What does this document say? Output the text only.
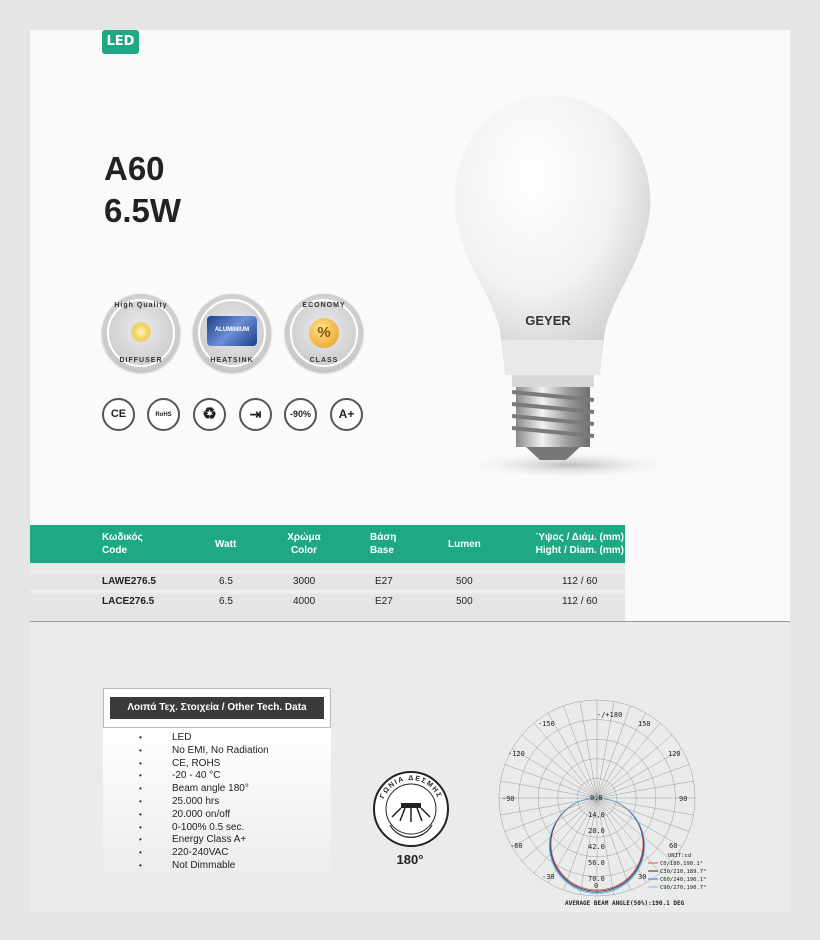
LED
A60
6.5W
High Quality
DIFFUSER
ALUMINIUM
HEATSINK
ECONOMY
%
CLASS
CE	RoHS	♻	⇥	-90%	A+
GEYER
Κωδικός
Code
Watt
Χρώμα
Color
Βάση
Base
Lumen
Ύψος / Διάμ. (mm)
Hight / Diam. (mm)
LAWE276.5	6.5	3000	E27	500	112 / 60
LACE276.5	6.5	4000	E27	500	112 / 60
Λοιπά Τεχ. Στοιχεία / Other Tech. Data
• LED
• No EMI, No Radiation
• CE, ROHS
• -20 - 40 °C
• Beam angle 180°
• 25.000 hrs
• 20.000 on/off
• 0-100% 0.5 sec.
• Energy Class A+
• 220-240VAC
• Not Dimmable
ΓΩΝΙΑ ΔΕΣΜΗΣ
180°
-/+180
-150	150
-120	120
-90	90
-60	60
-30	30
0
0.0
14.0
28.0
42.0
56.0
70.0
UNIT:cd
C0/180,190.1°
C30/210,189.7°
C60/240,190.1°
C90/270,190.7°
AVERAGE BEAM ANGLE(50%):190.1 DEG
